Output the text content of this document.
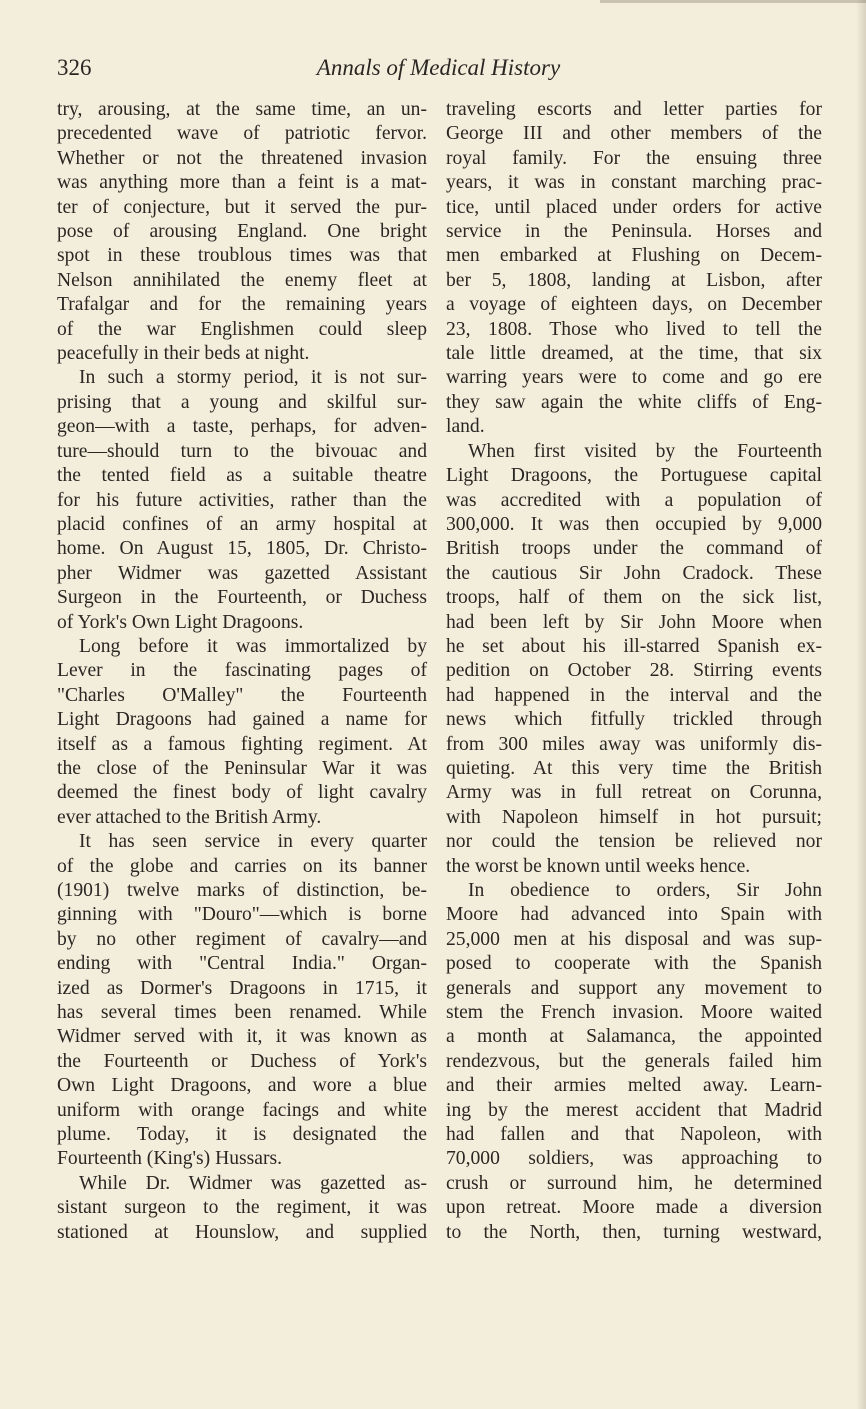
326	Annals of Medical History
try, arousing, at the same time, an un-
precedented wave of patriotic fervor.
Whether or not the threatened invasion
was anything more than a feint is a mat-
ter of conjecture, but it served the pur-
pose of arousing England. One bright
spot in these troublous times was that
Nelson annihilated the enemy fleet at
Trafalgar and for the remaining years
of the war Englishmen could sleep
peacefully in their beds at night.
In such a stormy period, it is not sur-
prising that a young and skilful sur-
geon—with a taste, perhaps, for adven-
ture—should turn to the bivouac and
the tented field as a suitable theatre
for his future activities, rather than the
placid confines of an army hospital at
home. On August 15, 1805, Dr. Christo-
pher Widmer was gazetted Assistant
Surgeon in the Fourteenth, or Duchess
of York's Own Light Dragoons.
Long before it was immortalized by
Lever in the fascinating pages of
"Charles O'Malley" the Fourteenth
Light Dragoons had gained a name for
itself as a famous fighting regiment. At
the close of the Peninsular War it was
deemed the finest body of light cavalry
ever attached to the British Army.
It has seen service in every quarter
of the globe and carries on its banner
(1901) twelve marks of distinction, be-
ginning with "Douro"—which is borne
by no other regiment of cavalry—and
ending with "Central India." Organ-
ized as Dormer's Dragoons in 1715, it
has several times been renamed. While
Widmer served with it, it was known as
the Fourteenth or Duchess of York's
Own Light Dragoons, and wore a blue
uniform with orange facings and white
plume. Today, it is designated the
Fourteenth (King's) Hussars.
While Dr. Widmer was gazetted as-
sistant surgeon to the regiment, it was
stationed at Hounslow, and supplied
traveling escorts and letter parties for
George III and other members of the
royal family. For the ensuing three
years, it was in constant marching prac-
tice, until placed under orders for active
service in the Peninsula. Horses and
men embarked at Flushing on Decem-
ber 5, 1808, landing at Lisbon, after
a voyage of eighteen days, on December
23, 1808. Those who lived to tell the
tale little dreamed, at the time, that six
warring years were to come and go ere
they saw again the white cliffs of Eng-
land.
When first visited by the Fourteenth
Light Dragoons, the Portuguese capital
was accredited with a population of
300,000. It was then occupied by 9,000
British troops under the command of
the cautious Sir John Cradock. These
troops, half of them on the sick list,
had been left by Sir John Moore when
he set about his ill-starred Spanish ex-
pedition on October 28. Stirring events
had happened in the interval and the
news which fitfully trickled through
from 300 miles away was uniformly dis-
quieting. At this very time the British
Army was in full retreat on Corunna,
with Napoleon himself in hot pursuit;
nor could the tension be relieved nor
the worst be known until weeks hence.
In obedience to orders, Sir John
Moore had advanced into Spain with
25,000 men at his disposal and was sup-
posed to cooperate with the Spanish
generals and support any movement to
stem the French invasion. Moore waited
a month at Salamanca, the appointed
rendezvous, but the generals failed him
and their armies melted away. Learn-
ing by the merest accident that Madrid
had fallen and that Napoleon, with
70,000 soldiers, was approaching to
crush or surround him, he determined
upon retreat. Moore made a diversion
to the North, then, turning westward,
